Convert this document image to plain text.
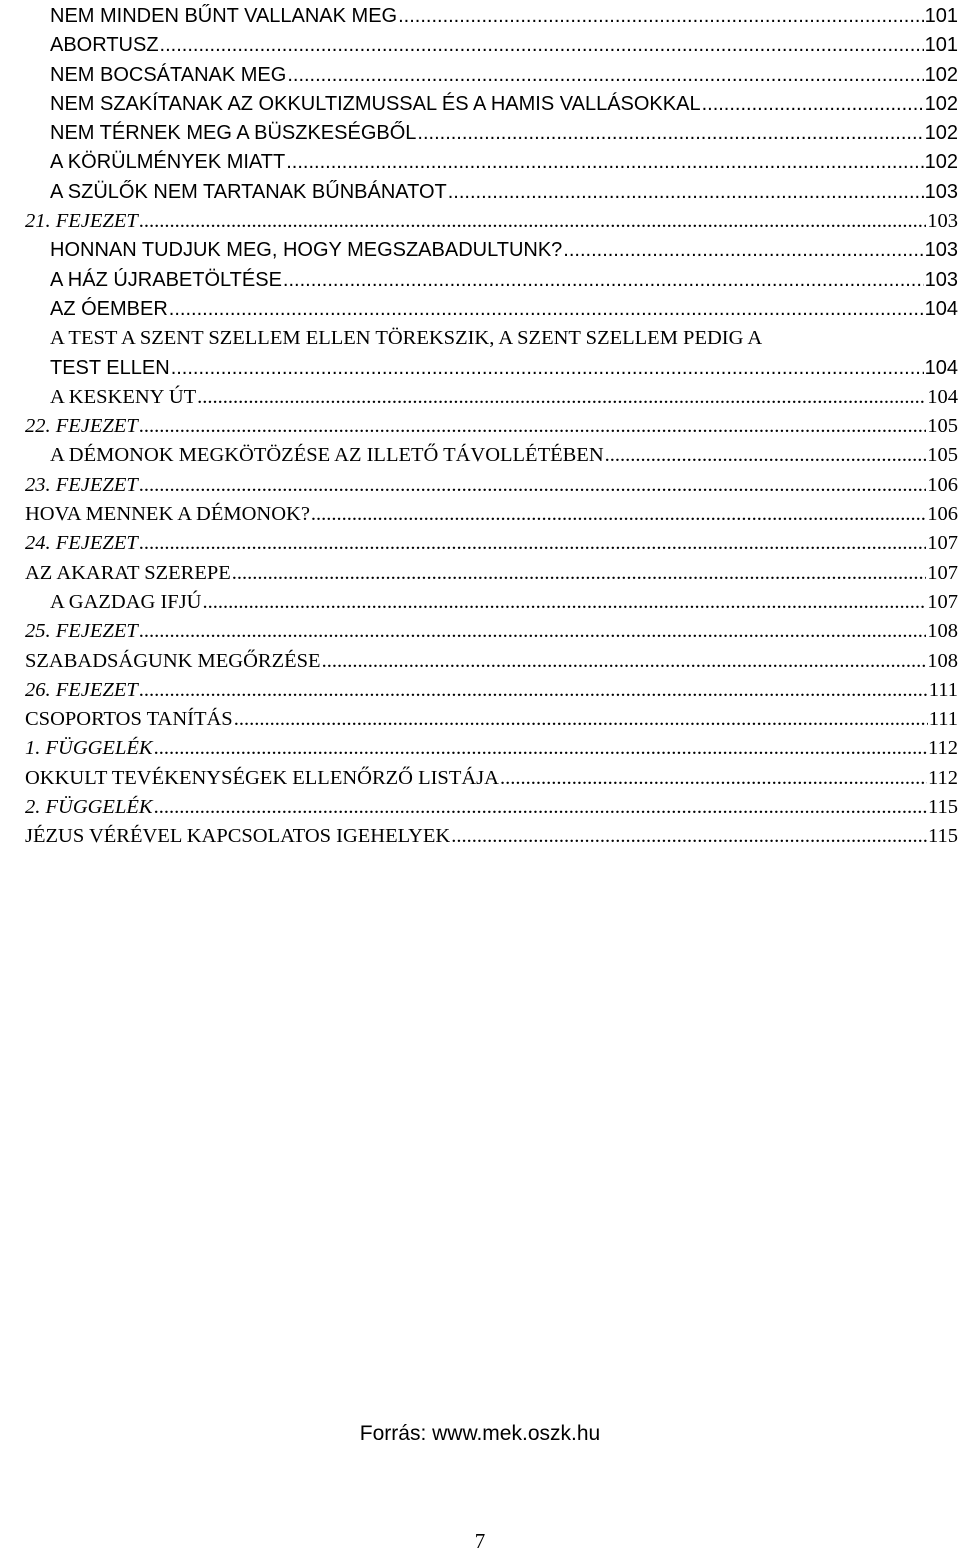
NEM MINDEN BŰNT VALLANAK MEG .....	101
ABORTUSZ .....	101
NEM BOCSÁTANAK MEG .....	102
NEM SZAKÍTANAK AZ OKKULTIZMUSSAL ÉS A HAMIS VALLÁSOKKAL .....	102
NEM TÉRNEK MEG A BÜSZKESÉGBŐL .....	102
A KÖRÜLMÉNYEK MIATT .....	102
A SZÜLŐK NEM TARTANAK BŰNBÁNATOT .....	103
21. FEJEZET .....	103
HONNAN TUDJUK MEG, HOGY MEGSZABADULTUNK? .....	103
A HÁZ ÚJRABETÖLTÉSE .....	103
AZ ÓEMBER .....	104
A TEST A SZENT SZELLEM ELLEN TÖREKSZIK, A SZENT SZELLEM PEDIG A
TEST ELLEN .....	104
A KESKENY ÚT .....	104
22. FEJEZET .....	105
A DÉMONOK MEGKÖTÖZÉSE AZ ILLETŐ TÁVOLLÉTÉBEN .....	105
23. FEJEZET .....	106
HOVA MENNEK A DÉMONOK? .....	106
24. FEJEZET .....	107
AZ AKARAT SZEREPE .....	107
A GAZDAG IFJÚ .....	107
25. FEJEZET .....	108
SZABADSÁGUNK MEGŐRZÉSE .....	108
26. FEJEZET .....	111
CSOPORTOS TANÍTÁS .....	111
1. FÜGGELÉK .....	112
OKKULT TEVÉKENYSÉGEK ELLENŐRZŐ LISTÁJA .....	112
2. FÜGGELÉK .....	115
JÉZUS VÉRÉVEL KAPCSOLATOS IGEHELYEK .....	115
Forrás: www.mek.oszk.hu
7
